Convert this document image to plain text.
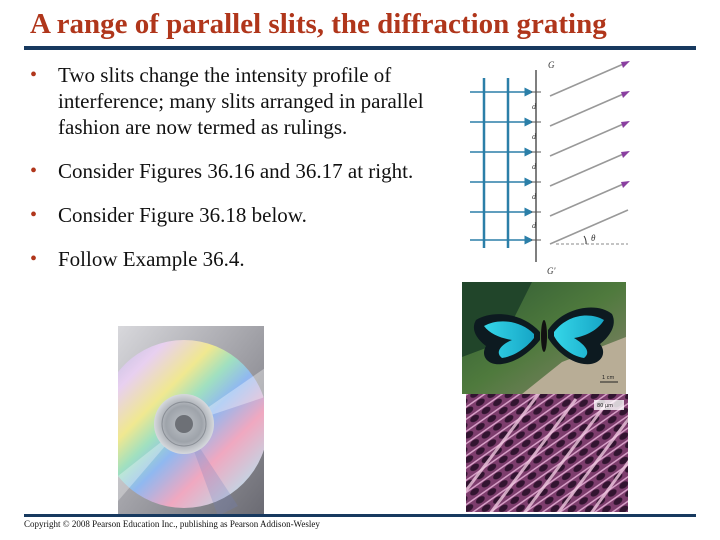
A range of parallel slits, the diffraction grating
• Two slits change the intensity profile of interference; many slits arranged in parallel fashion are now termed as rulings.
• Consider Figures 36.16 and 36.17 at right.
• Consider Figure 36.18 below.
• Follow Example 36.4.
d
d
d
d
d
θ
G
G'
1 cm
80 μm
Copyright © 2008 Pearson Education Inc., publishing as Pearson Addison-Wesley
